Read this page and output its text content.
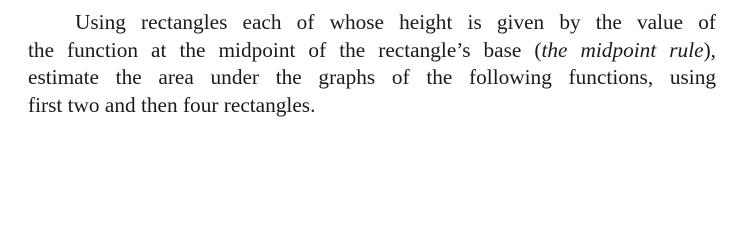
Using rectangles each of whose height is given by the value of
the function at the midpoint of the rectangle’s base (the midpoint rule),
estimate the area under the graphs of the following functions, using
first two and then four rectangles.
